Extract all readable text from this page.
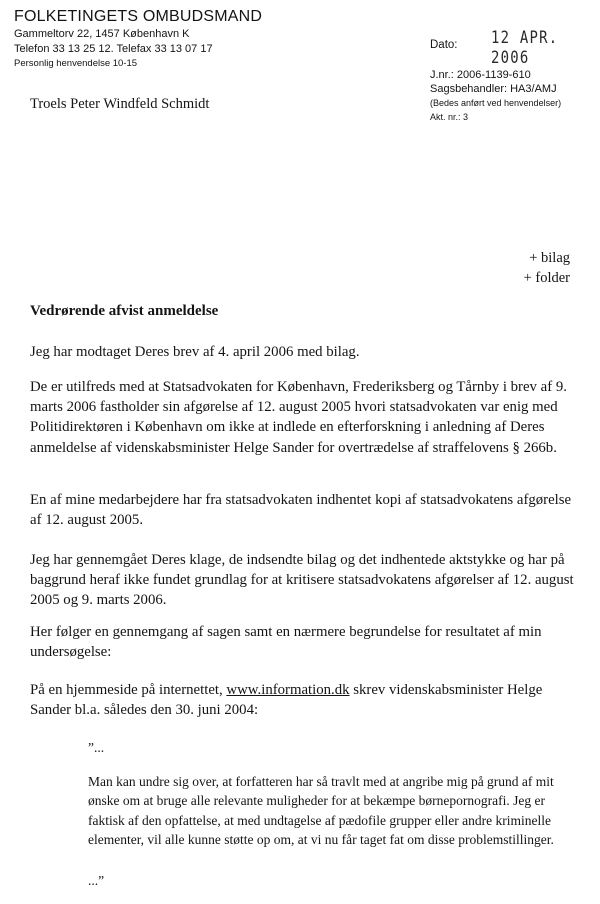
FOLKETINGETS OMBUDSMAND
Gammeltorv 22, 1457 København K
Telefon 33 13 25 12. Telefax 33 13 07 17
Personlig henvendelse 10-15
Dato: 12 APR. 2006
J.nr.: 2006-1139-610
Sagsbehandler: HA3/AMJ
(Bedes anført ved henvendelser)
Akt. nr.: 3
Troels Peter Windfeld Schmidt
+ bilag
+ folder
Vedrørende afvist anmeldelse
Jeg har modtaget Deres brev af 4. april 2006 med bilag.
De er utilfreds med at Statsadvokaten for København, Frederiksberg og Tårnby i brev af 9. marts 2006 fastholder sin afgørelse af 12. august 2005 hvori statsadvokaten var enig med Politidirektøren i København om ikke at indlede en efterforskning i anledning af Deres anmeldelse af videnskabsminister Helge Sander for overtrædelse af straffelovens § 266b.
En af mine medarbejdere har fra statsadvokaten indhentet kopi af statsadvokatens afgørelse af 12. august 2005.
Jeg har gennemgået Deres klage, de indsendte bilag og det indhentede aktstykke og har på baggrund heraf ikke fundet grundlag for at kritisere statsadvokatens afgørelser af 12. august 2005 og 9. marts 2006.
Her følger en gennemgang af sagen samt en nærmere begrundelse for resultatet af min undersøgelse:
På en hjemmeside på internettet, www.information.dk skrev videnskabsminister Helge Sander bl.a. således den 30. juni 2004:
”...
Man kan undre sig over, at forfatteren har så travlt med at angribe mig på grund af mit ønske om at bruge alle relevante muligheder for at bekæmpe børnepornografi. Jeg er faktisk af den opfattelse, at med undtagelse af pædofile grupper eller andre kriminelle elementer, vil alle kunne støtte op om, at vi nu får taget fat om disse problemstillinger.
...”
